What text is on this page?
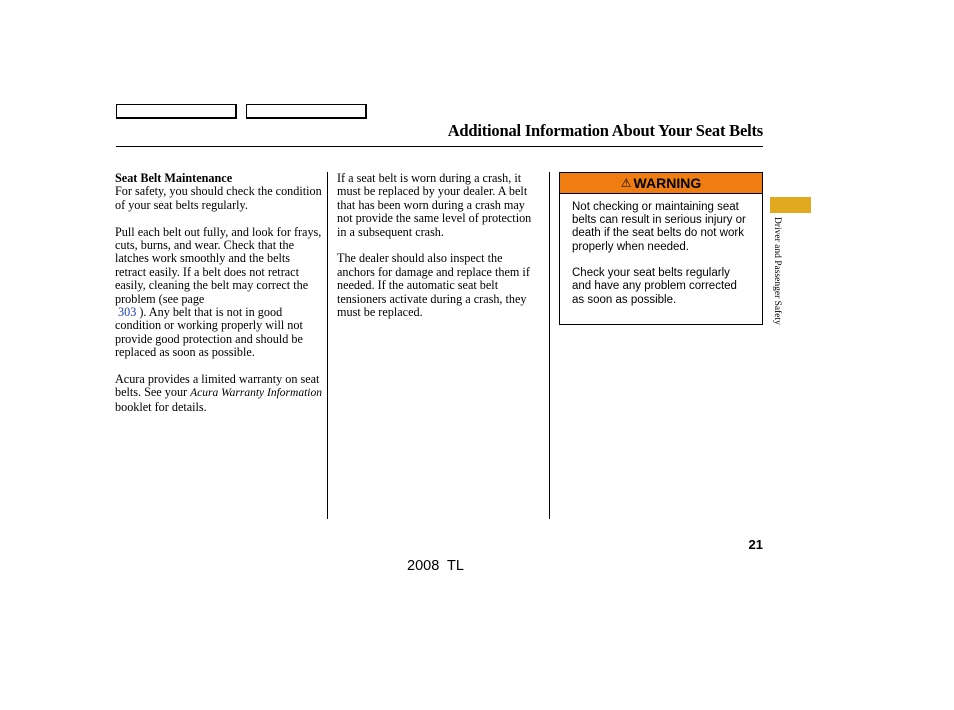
Additional Information About Your Seat Belts

Seat Belt Maintenance

For safety, you should check the condition of your seat belts regularly.

Pull each belt out fully, and look for frays, cuts, burns, and wear. Check that the latches work smoothly and the belts retract easily. If a belt does not retract easily, cleaning the belt may correct the problem (see page
303 ). Any belt that is not in good condition or working properly will not provide good protection and should be replaced as soon as possible.

Acura provides a limited warranty on seat belts. See your Acura Warranty Information booklet for details.

If a seat belt is worn during a crash, it must be replaced by your dealer. A belt that has been worn during a crash may not provide the same level of protection in a subsequent crash.

The dealer should also inspect the anchors for damage and replace them if needed. If the automatic seat belt tensioners activate during a crash, they must be replaced.

⚠ WARNING

Not checking or maintaining seat belts can result in serious injury or death if the seat belts do not work properly when needed.

Check your seat belts regularly and have any problem corrected as soon as possible.	Driver and Passenger Safety
21
2008  TL
